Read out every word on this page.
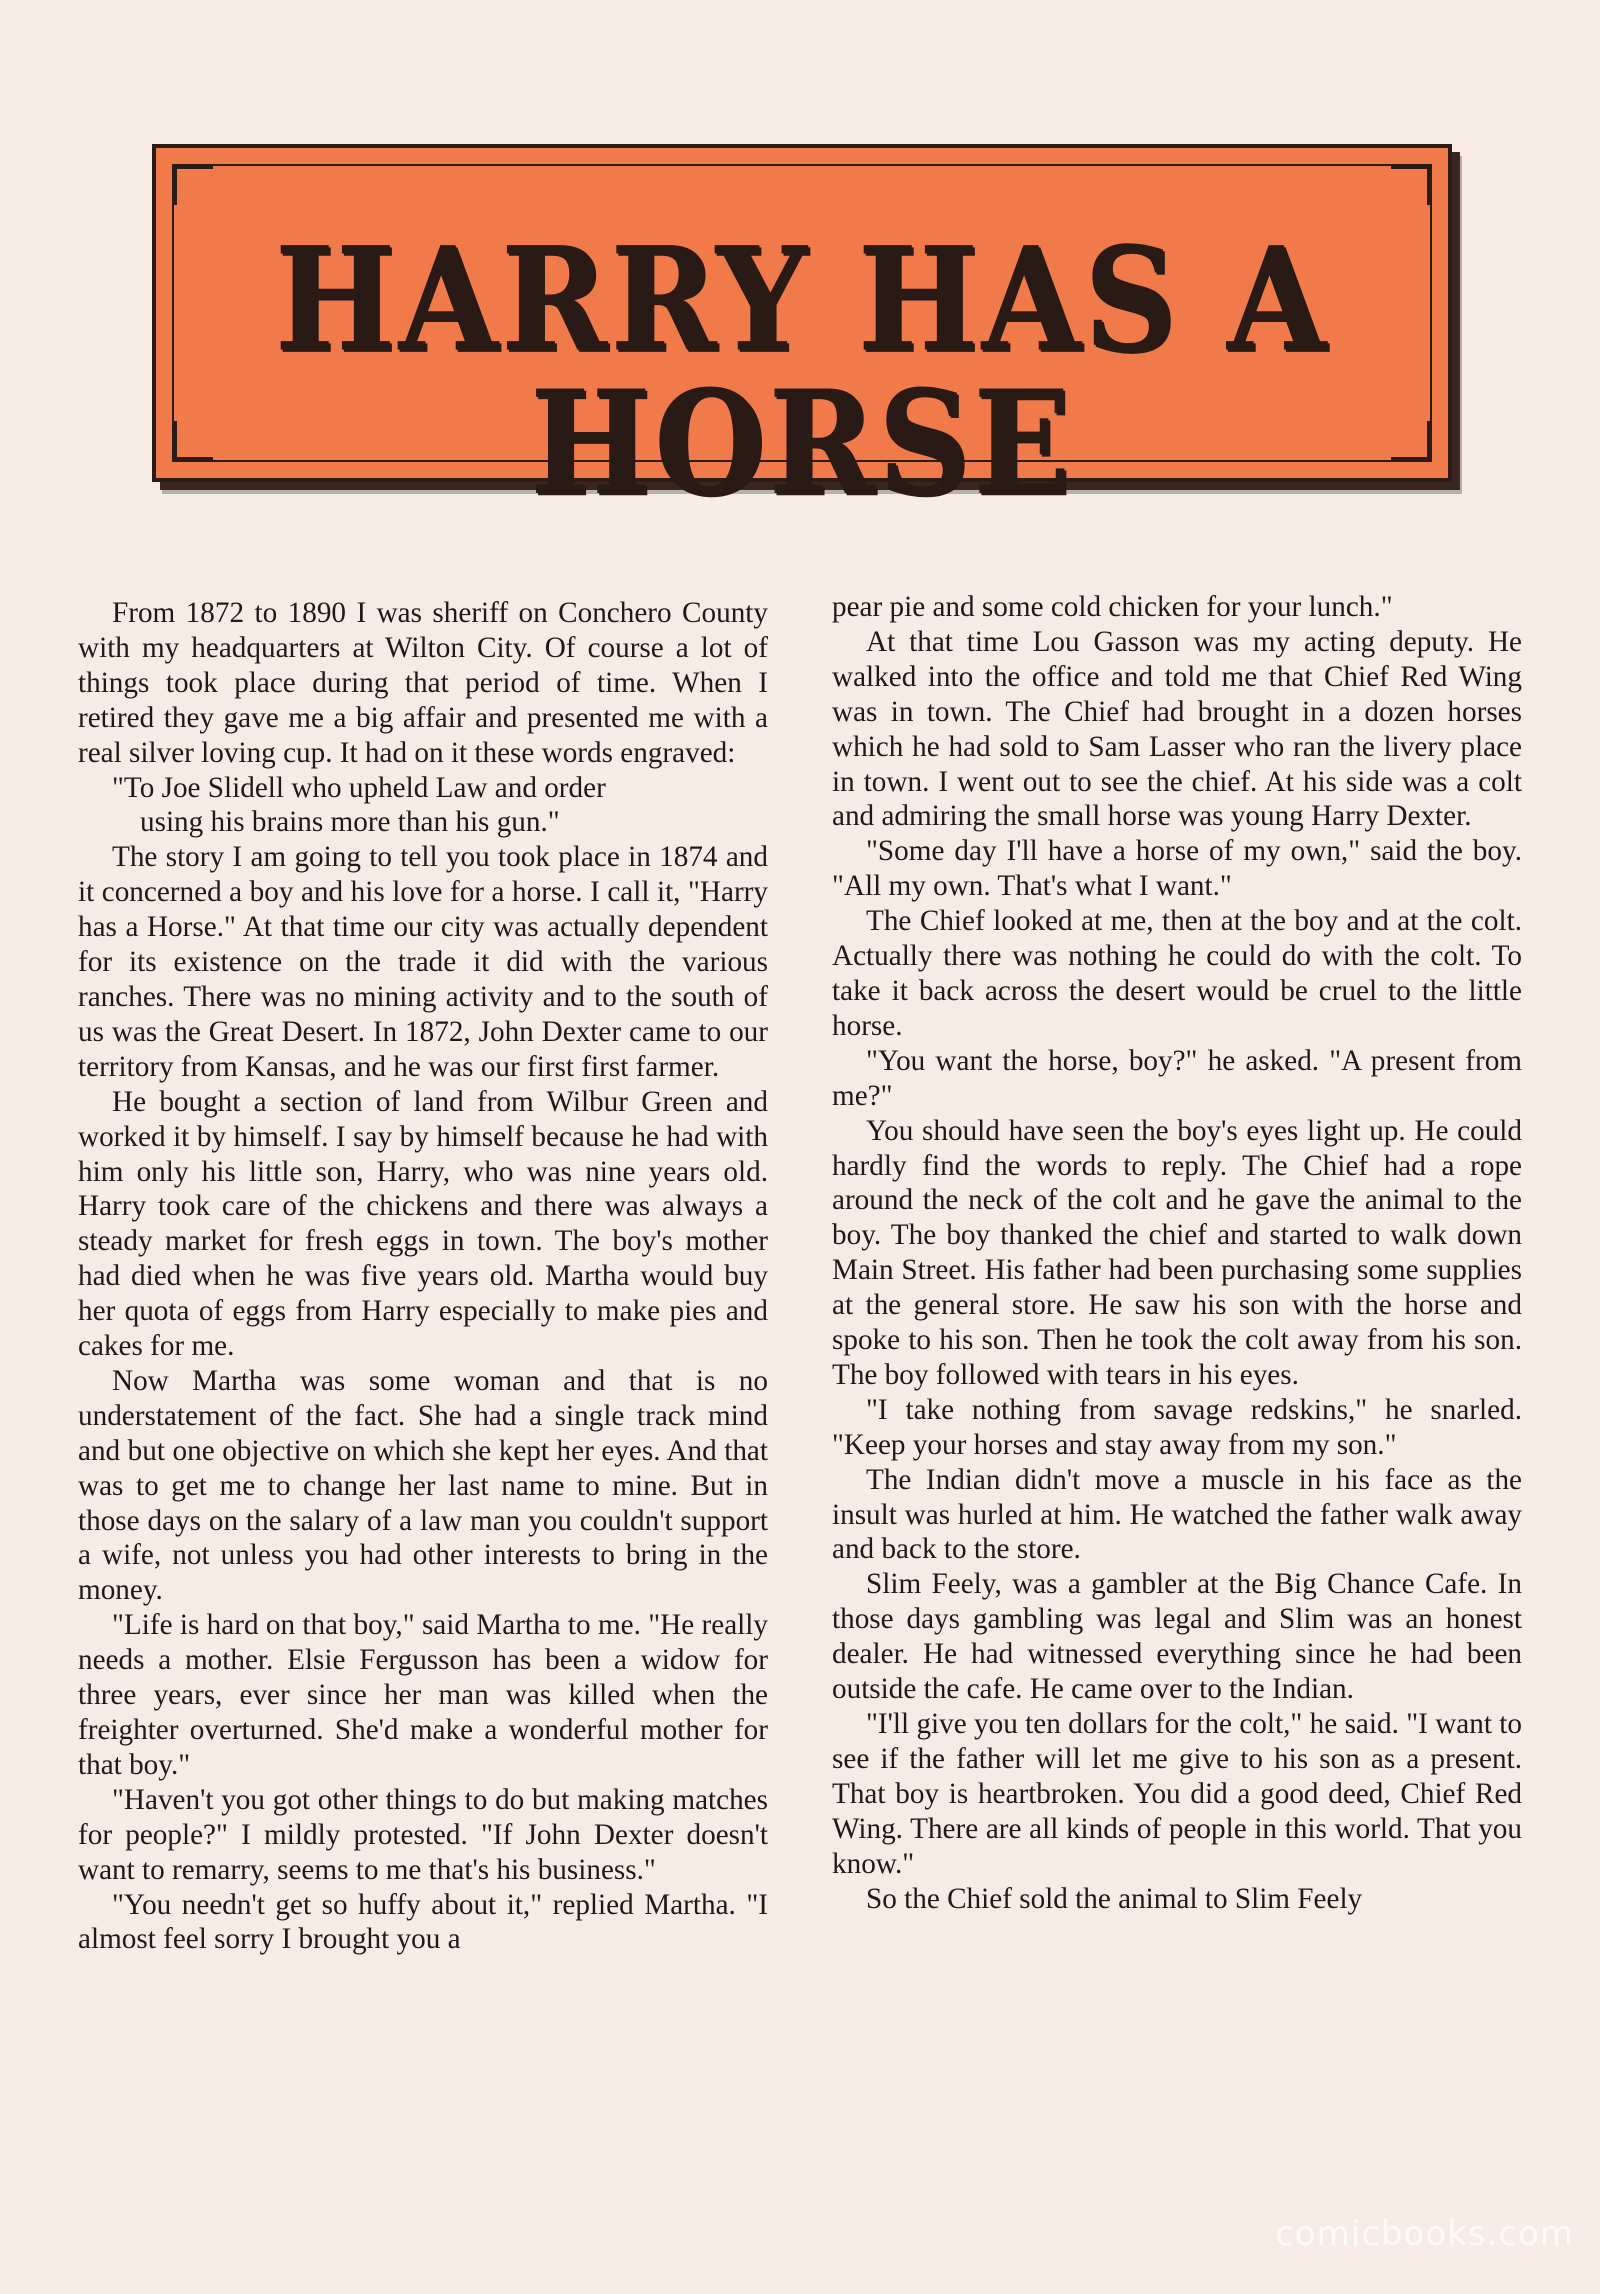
HARRY HAS A HORSE

From 1872 to 1890 I was sheriff on Conchero County with my headquarters at Wilton City. Of course a lot of things took place during that period of time. When I retired they gave me a big affair and presented me with a real silver loving cup. It had on it these words engraved:

"To Joe Slidell who upheld Law and order
using his brains more than his gun."

The story I am going to tell you took place in 1874 and it concerned a boy and his love for a horse. I call it, "Harry has a Horse." At that time our city was actually dependent for its existence on the trade it did with the various ranches. There was no mining activity and to the south of us was the Great Desert. In 1872, John Dexter came to our territory from Kansas, and he was our first first farmer.

He bought a section of land from Wilbur Green and worked it by himself. I say by himself because he had with him only his little son, Harry, who was nine years old. Harry took care of the chickens and there was always a steady market for fresh eggs in town. The boy's mother had died when he was five years old. Martha would buy her quota of eggs from Harry especially to make pies and cakes for me.

Now Martha was some woman and that is no understatement of the fact. She had a single track mind and but one objective on which she kept her eyes. And that was to get me to change her last name to mine. But in those days on the salary of a law man you couldn't support a wife, not unless you had other interests to bring in the money.

"Life is hard on that boy," said Martha to me. "He really needs a mother. Elsie Fergusson has been a widow for three years, ever since her man was killed when the freighter overturned. She'd make a wonderful mother for that boy."

"Haven't you got other things to do but making matches for people?" I mildly protested. "If John Dexter doesn't want to remarry, seems to me that's his business."

"You needn't get so huffy about it," replied Martha. "I almost feel sorry I brought you a

pear pie and some cold chicken for your lunch."

At that time Lou Gasson was my acting deputy. He walked into the office and told me that Chief Red Wing was in town. The Chief had brought in a dozen horses which he had sold to Sam Lasser who ran the livery place in town. I went out to see the chief. At his side was a colt and admiring the small horse was young Harry Dexter.

"Some day I'll have a horse of my own," said the boy. "All my own. That's what I want."

The Chief looked at me, then at the boy and at the colt. Actually there was nothing he could do with the colt. To take it back across the desert would be cruel to the little horse.

"You want the horse, boy?" he asked. "A present from me?"

You should have seen the boy's eyes light up. He could hardly find the words to reply. The Chief had a rope around the neck of the colt and he gave the animal to the boy. The boy thanked the chief and started to walk down Main Street. His father had been purchasing some supplies at the general store. He saw his son with the horse and spoke to his son. Then he took the colt away from his son. The boy followed with tears in his eyes.

"I take nothing from savage redskins," he snarled. "Keep your horses and stay away from my son."

The Indian didn't move a muscle in his face as the insult was hurled at him. He watched the father walk away and back to the store.

Slim Feely, was a gambler at the Big Chance Cafe. In those days gambling was legal and Slim was an honest dealer. He had witnessed everything since he had been outside the cafe. He came over to the Indian.

"I'll give you ten dollars for the colt," he said. "I want to see if the father will let me give to his son as a present. That boy is heartbroken. You did a good deed, Chief Red Wing. There are all kinds of people in this world. That you know."

So the Chief sold the animal to Slim Feely

comicbooks.com
